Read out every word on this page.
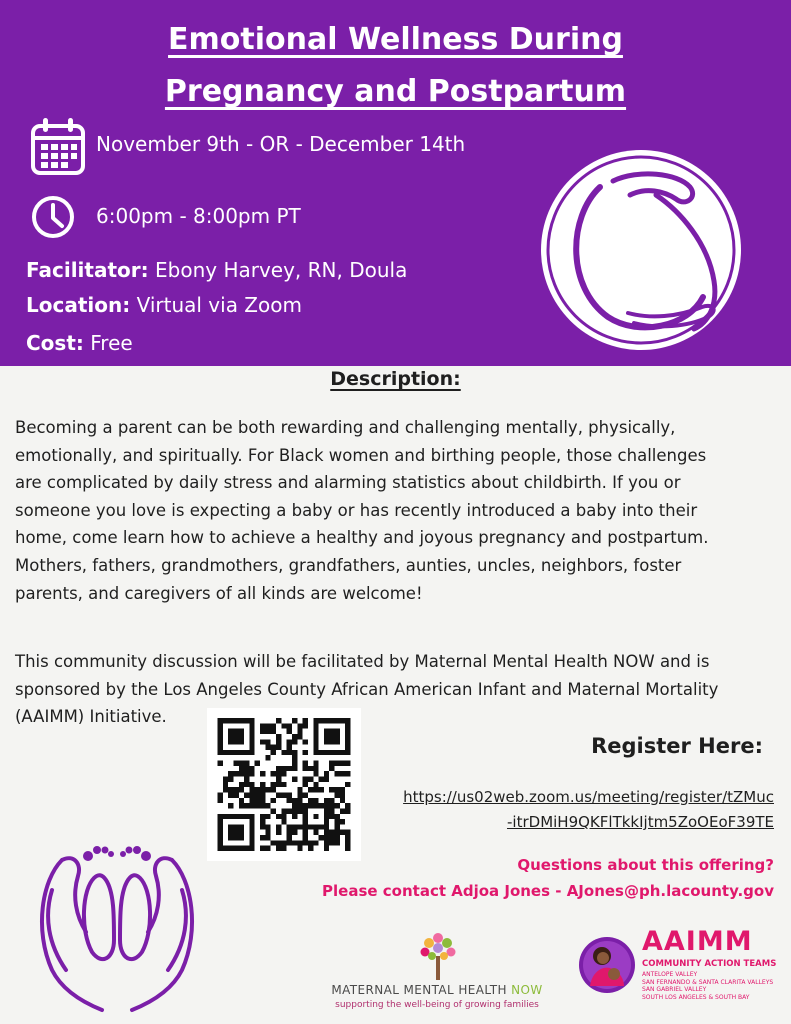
Emotional Wellness During
Pregnancy and Postpartum
November 9th - OR - December 14th
6:00pm - 8:00pm PT
Facilitator: Ebony Harvey, RN, Doula
Location: Virtual via Zoom
Cost: Free
Description:
Becoming a parent can be both rewarding and challenging mentally, physically,
emotionally, and spiritually. For Black women and birthing people, those challenges
are complicated by daily stress and alarming statistics about childbirth. If you or
someone you love is expecting a baby or has recently introduced a baby into their
home, come learn how to achieve a healthy and joyous pregnancy and postpartum.
Mothers, fathers, grandmothers, grandfathers, aunties, uncles, neighbors, foster
parents, and caregivers of all kinds are welcome!
This community discussion will be facilitated by Maternal Mental Health NOW and is
sponsored by the Los Angeles County African American Infant and Maternal Mortality
(AAIMM) Initiative.
Register Here:
https://us02web.zoom.us/meeting/register/tZMuc
-itrDMiH9QKFlTkkIjtm5ZoOEoF39TE
Questions about this offering?
Please contact Adjoa Jones - AJones@ph.lacounty.gov
MATERNAL MENTAL HEALTH NOW
supporting the well-being of growing families
AAIMM
COMMUNITY ACTION TEAMS
ANTELOPE VALLEY
SAN FERNANDO & SANTA CLARITA VALLEYS
SAN GABRIEL VALLEY
SOUTH LOS ANGELES & SOUTH BAY
